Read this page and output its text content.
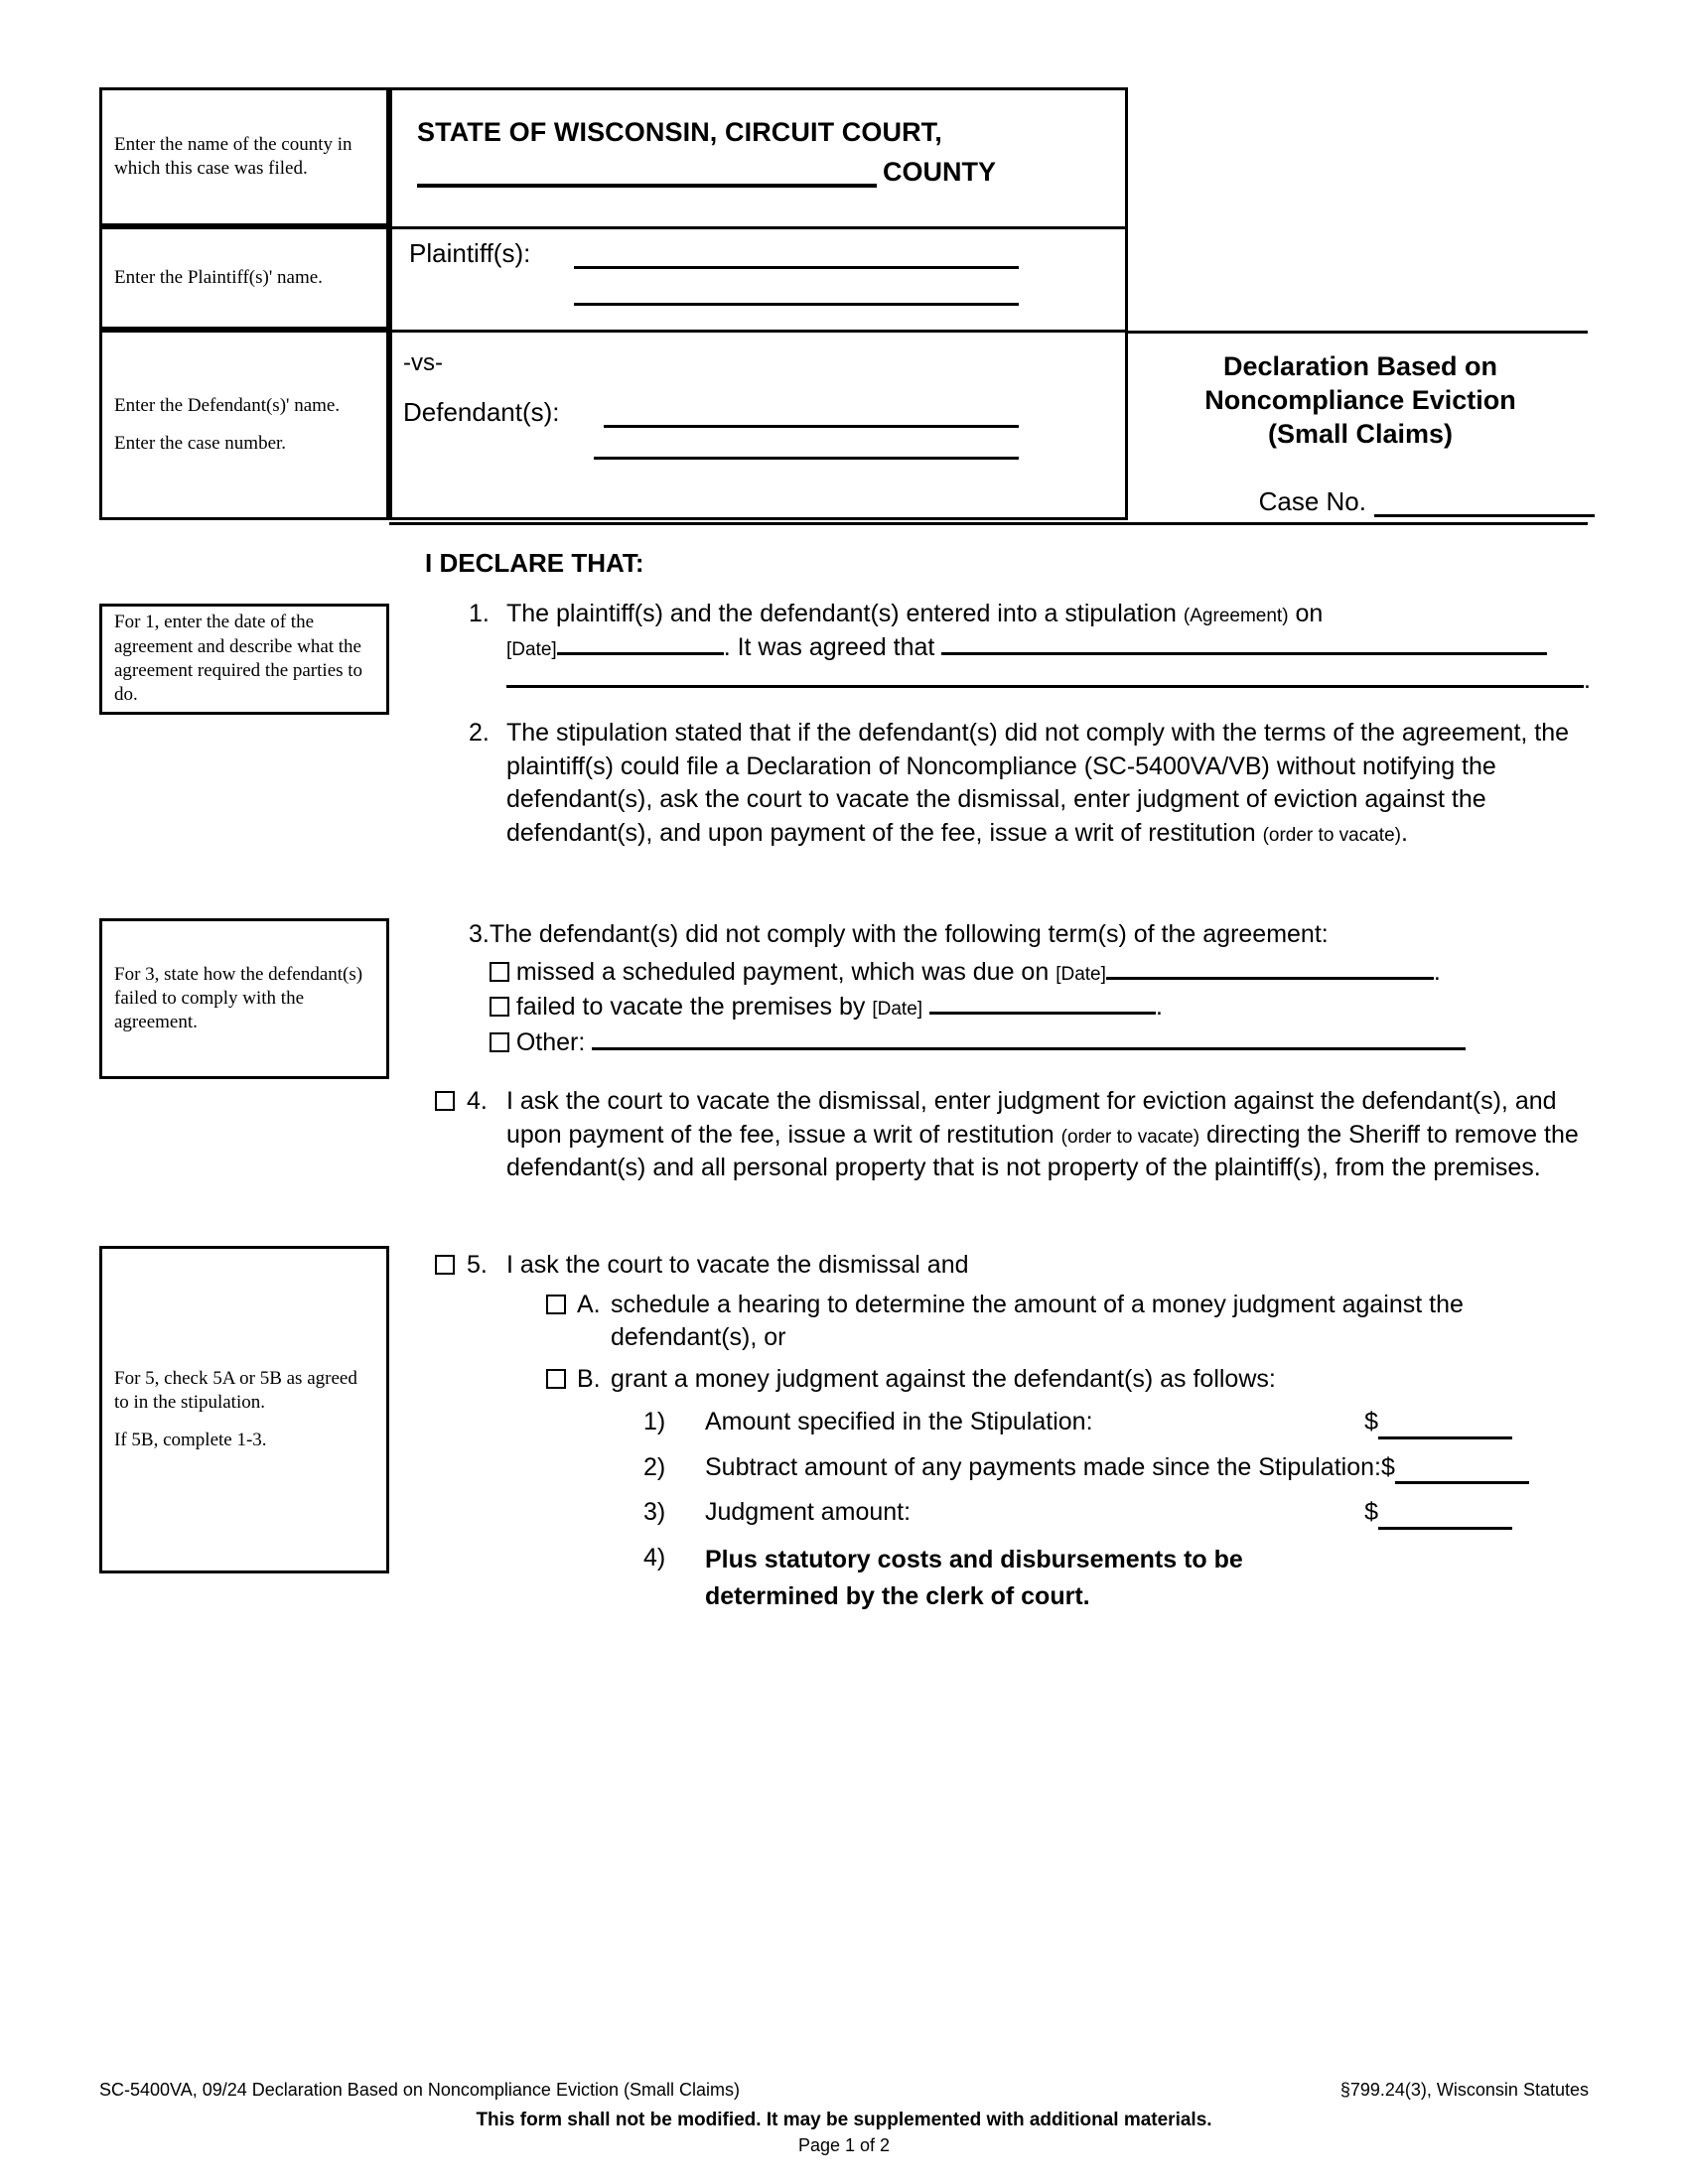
Enter the name of the county in which this case was filed.

Enter the Plaintiff(s)' name.

Enter the Defendant(s)' name.

Enter the case number.

For 1, enter the date of the agreement and describe what the agreement required the parties to do.

For 3, state how the defendant(s) failed to comply with the agreement.

For 5, check 5A or 5B as agreed to in the stipulation.

If 5B, complete 1-3.

STATE OF WISCONSIN, CIRCUIT COURT,
COUNTY
Plaintiff(s):
-vs-
Defendant(s):
Declaration Based on
Noncompliance Eviction
(Small Claims)
Case No.
I DECLARE THAT:
1. The plaintiff(s) and the defendant(s) entered into a stipulation (Agreement) on
[Date]	. It was agreed that
.
2. The stipulation stated that if the defendant(s) did not comply with the terms of the agreement, the plaintiff(s) could file a Declaration of Noncompliance (SC-5400VA/VB) without notifying the defendant(s), ask the court to vacate the dismissal, enter judgment of eviction against the defendant(s), and upon payment of the fee, issue a writ of restitution (order to vacate).
3. The defendant(s) did not comply with the following term(s) of the agreement:
missed a scheduled payment, which was due on [Date]	.
failed to vacate the premises by [Date]	.
Other:
4. I ask the court to vacate the dismissal, enter judgment for eviction against the defendant(s), and upon payment of the fee, issue a writ of restitution (order to vacate) directing the Sheriff to remove the defendant(s) and all personal property that is not property of the plaintiff(s), from the premises.
5. I ask the court to vacate the dismissal and
A. schedule a hearing to determine the amount of a money judgment against the defendant(s), or
B. grant a money judgment against the defendant(s) as follows:
1)	Amount specified in the Stipulation:	$
2)	Subtract amount of any payments made since the Stipulation: $
3)	Judgment amount:	$
4)	Plus statutory costs and disbursements to be
determined by the clerk of court.
SC-5400VA, 09/24 Declaration Based on Noncompliance Eviction (Small Claims)	§799.24(3), Wisconsin Statutes
This form shall not be modified. It may be supplemented with additional materials.
Page 1 of 2
